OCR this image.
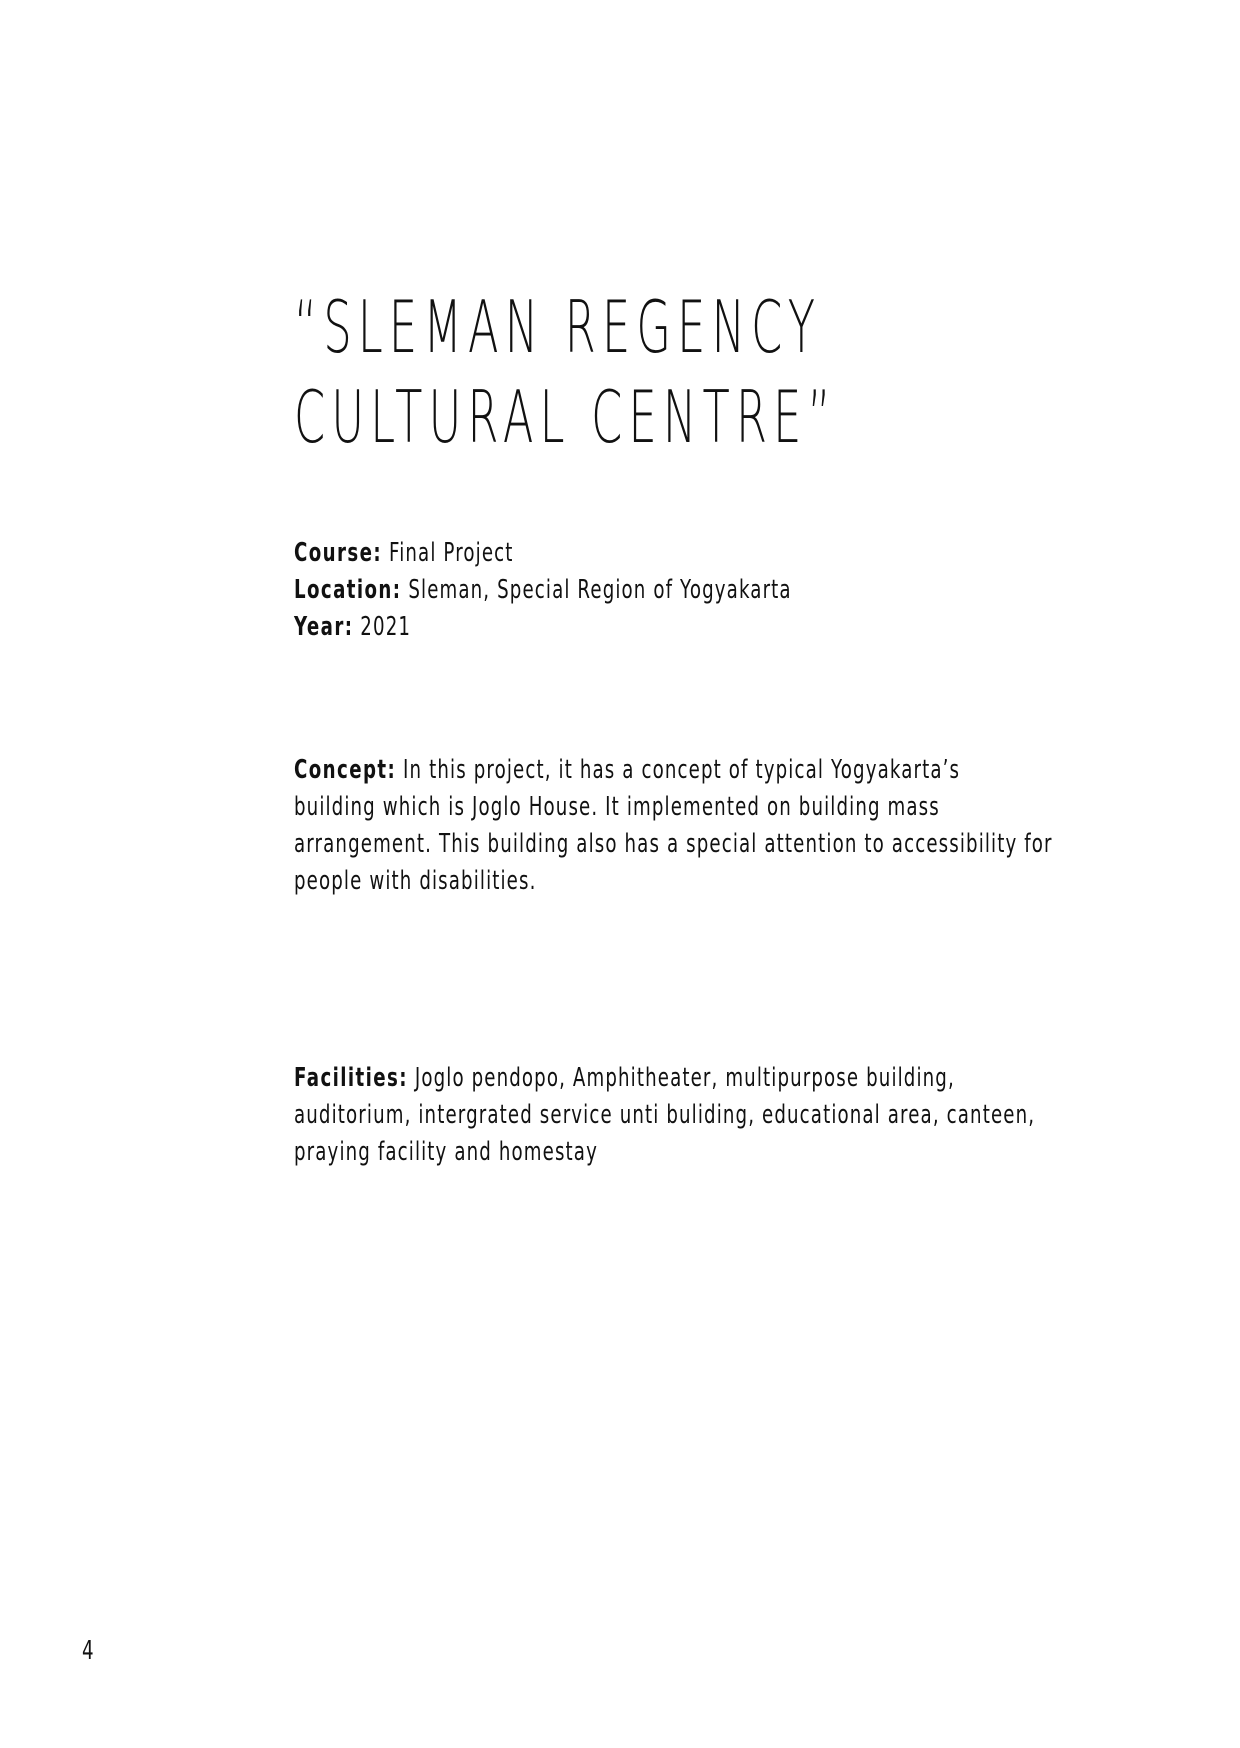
“SLEMAN REGENCY
CULTURAL CENTRE”
Course: Final Project
Location: Sleman, Special Region of Yogyakarta
Year: 2021
Concept: In this project, it has a concept of typical Yogyakarta’s
building which is Joglo House. It implemented on building mass
arrangement. This building also has a special attention to accessibility for
people with disabilities.
Facilities: Joglo pendopo, Amphitheater, multipurpose building,
auditorium, intergrated service unti buliding, educational area, canteen,
praying facility and homestay
4
